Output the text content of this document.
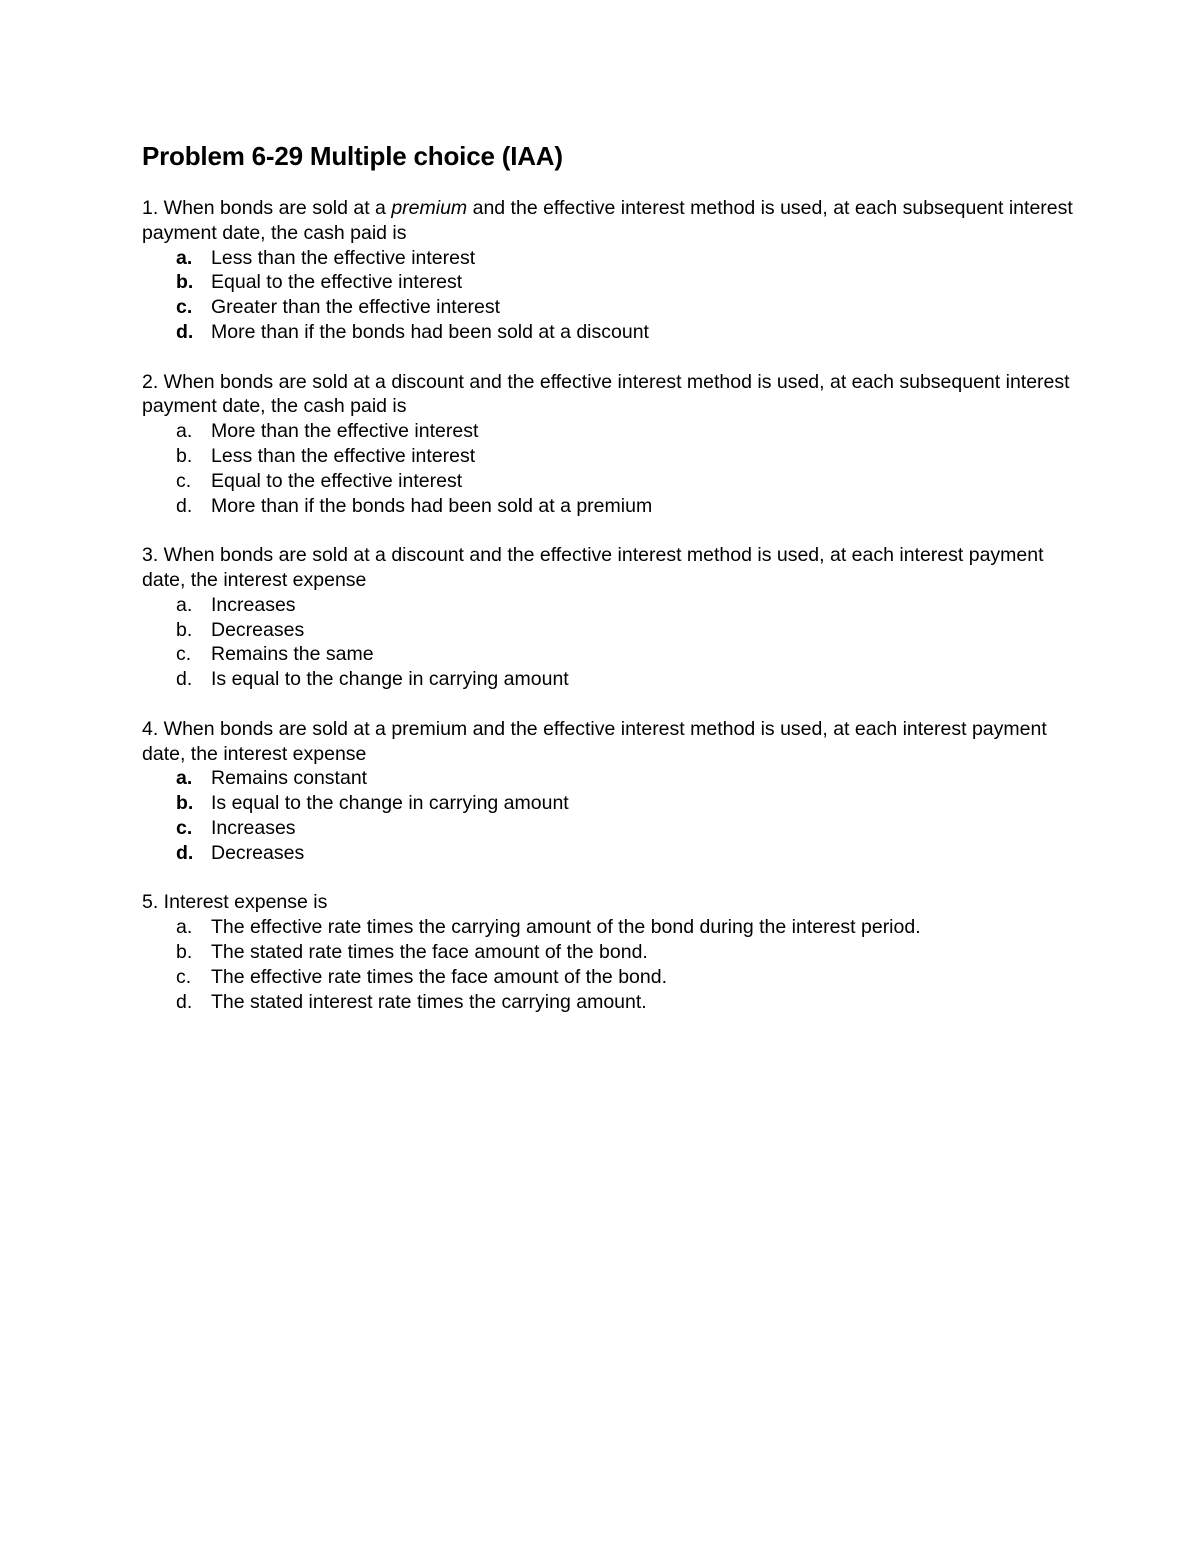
Problem 6-29 Multiple choice (IAA)

1. When bonds are sold at a premium and the effective interest method is used, at each subsequent interest payment date, the cash paid is

a. Less than the effective interest
b. Equal to the effective interest
c. Greater than the effective interest
d. More than if the bonds had been sold at a discount

2. When bonds are sold at a discount and the effective interest method is used, at each subsequent interest payment date, the cash paid is

a. More than the effective interest
b. Less than the effective interest
c.	Equal to the effective interest
d. More than if the bonds had been sold at a premium

3. When bonds are sold at a discount and the effective interest method is used, at each interest payment date, the interest expense

a. Increases
b. Decreases
c.	Remains the same
d. Is equal to the change in carrying amount

4. When bonds are sold at a premium and the effective interest method is used, at each interest payment date, the interest expense

a. Remains constant
b. Is equal to the change in carrying amount
c. Increases
d. Decreases

5. Interest expense is

a. The effective rate times the carrying amount of the bond during the interest period.
b. The stated rate times the face amount of the bond.
c.	The effective rate times the face amount of the bond.
d. The stated interest rate times the carrying amount.
